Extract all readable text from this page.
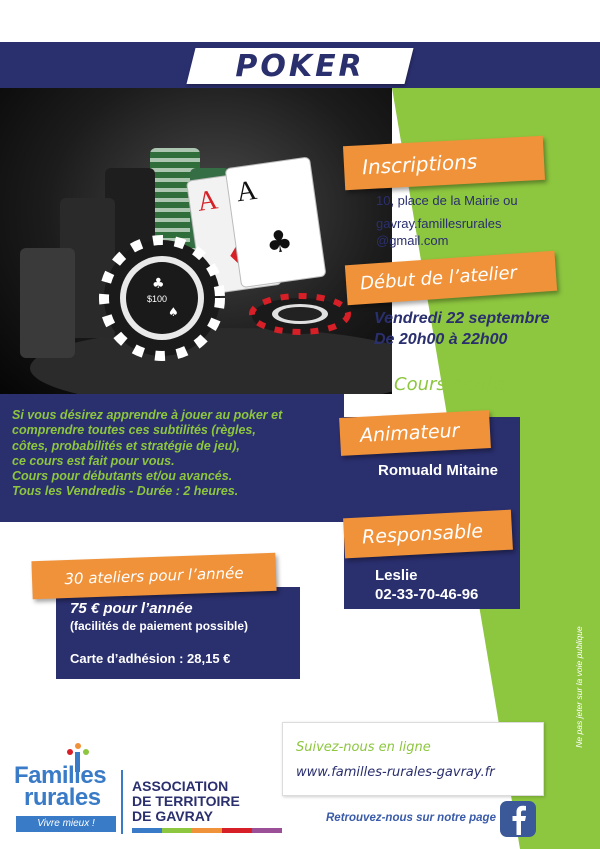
POKER
A A
♣
$100
♣
♠
Si vous désirez apprendre à jouer au poker et
comprendre toutes ces subtilités (règles,
côtes, probabilités et stratégie de jeu),
ce cours est fait pour vous.
Cours pour débutants et/ou avancés.
Tous les Vendredis - Durée : 2 heures.
Inscriptions
10, place de la Mairie ou
gavray.famillesrurales
@gmail.com
Début de l’atelier
Vendredi 22 septembre
De 20h00 à 22h00
Cours Adulte
Animateur
Romuald Mitaine
Responsable
Leslie
02-33-70-46-96
30 ateliers pour l’année
75 € pour l’année
(facilités de paiement possible)
Carte d’adhésion : 28,15 €	Ne pas jeter sur la voie publique
Suivez-nous en ligne
www.familles-rurales-gavray.fr
Retrouvez-nous sur notre page
Familles
rurales
Vivre mieux !
ASSOCIATION
DE TERRITOIRE
DE GAVRAY
